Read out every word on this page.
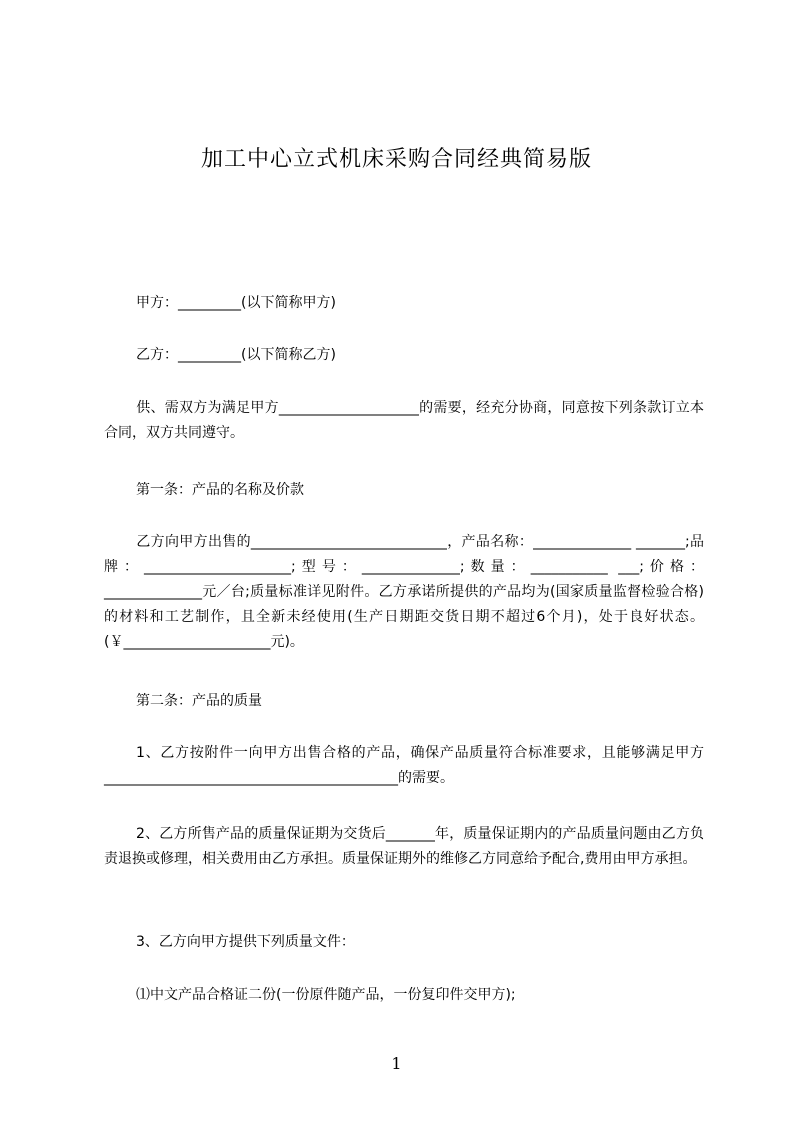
加工中心立式机床采购合同经典简易版
甲方：_________(以下简称甲方)
乙方：_________(以下简称乙方)
供、需双方为满足甲方____________________的需要，经充分协商，同意按下列条款订立本合同，双方共同遵守。
第一条：产品的名称及价款
乙方向甲方出售的____________________________，产品名称：______________ _______;品牌：_____________________;型号：______________;数量：___________ ___;价格：______________元／台;质量标准详见附件。乙方承诺所提供的产品均为(国家质量监督检验合格)的材料和工艺制作，且全新未经使用(生产日期距交货日期不超过6个月)，处于良好状态。(￥_____________________元)。
第二条：产品的质量
1、乙方按附件一向甲方出售合格的产品，确保产品质量符合标准要求，且能够满足甲方__________________________________________的需要。
2、乙方所售产品的质量保证期为交货后_______年，质量保证期内的产品质量问题由乙方负责退换或修理，相关费用由乙方承担。质量保证期外的维修乙方同意给予配合,费用由甲方承担。
3、乙方向甲方提供下列质量文件：
⑴中文产品合格证二份(一份原件随产品，一份复印件交甲方);
1
